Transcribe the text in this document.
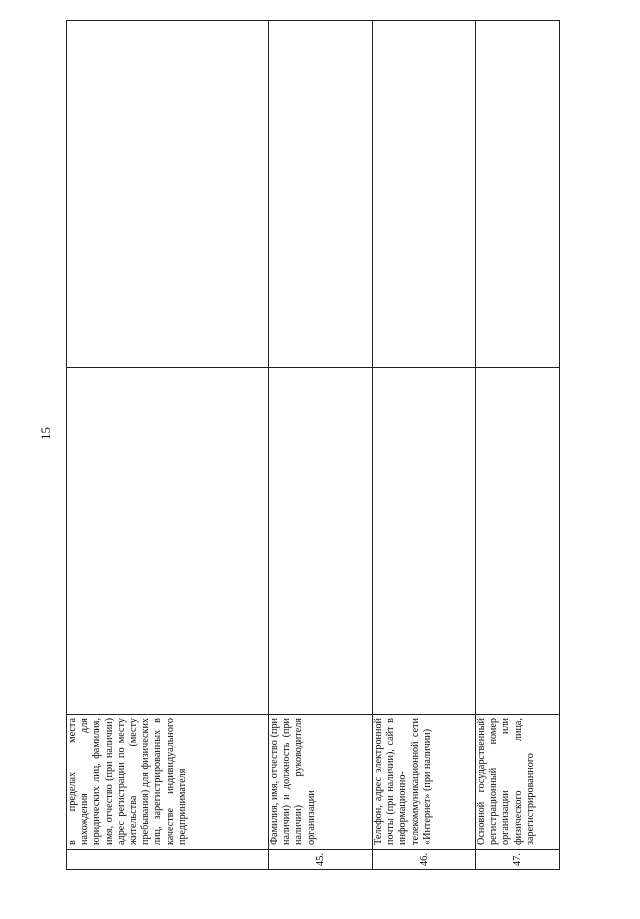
15
	в пределах места нахождения для юридических лиц, фамилия, имя, отчество (при наличии) адрес регистрации по месту жительства (месту пребывания) для физических лиц, зарегистрированных в качестве индивидуального предпринимателя		
45.	Фамилия, имя, отчество (при наличии) и должность (при наличии) руководителя организации		
46.	Телефон, адрес электронной почты (при наличии), сайт в информационно-телекоммуникационной сети «Интернет» (при наличии)		
47.	Основной государственный регистрационный номер организации или физического лица, зарегистрированного		
